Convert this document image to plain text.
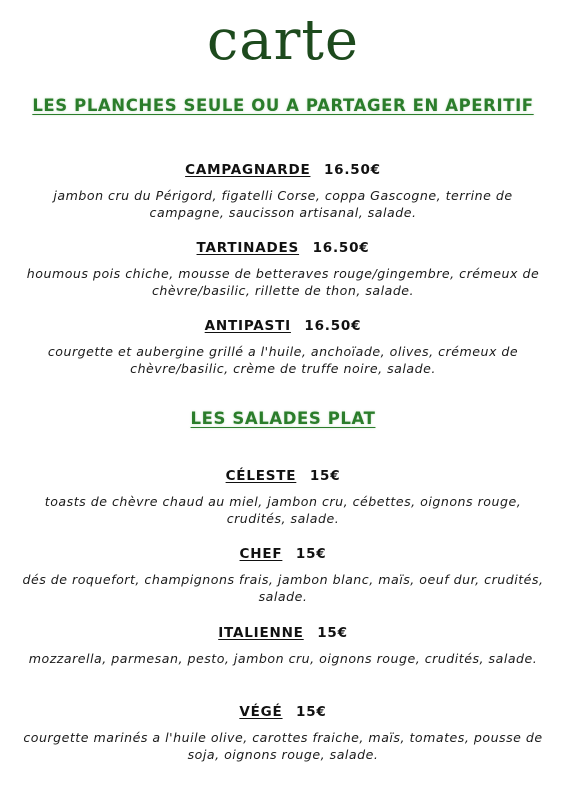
carte
LES PLANCHES SEULE OU A PARTAGER EN APERITIF
CAMPAGNARDE 16.50€
jambon cru du Périgord, figatelli Corse, coppa Gascogne, terrine de campagne, saucisson artisanal, salade.
TARTINADES 16.50€
houmous pois chiche, mousse de betteraves rouge/gingembre, crémeux de chèvre/basilic, rillette de thon, salade.
ANTIPASTI 16.50€
courgette et aubergine grillé a l'huile, anchoïade, olives, crémeux de chèvre/basilic, crème de truffe noire, salade.
LES SALADES PLAT
CÉLESTE 15€
toasts de chèvre chaud au miel, jambon cru, cébettes, oignons rouge, crudités, salade.
CHEF 15€
dés de roquefort, champignons frais, jambon blanc, maïs, oeuf dur, crudités, salade.
ITALIENNE 15€
mozzarella, parmesan, pesto, jambon cru, oignons rouge, crudités, salade.
VÉGÉ 15€
courgette marinés a l'huile olive, carottes fraiche, maïs, tomates, pousse de soja, oignons rouge, salade.
